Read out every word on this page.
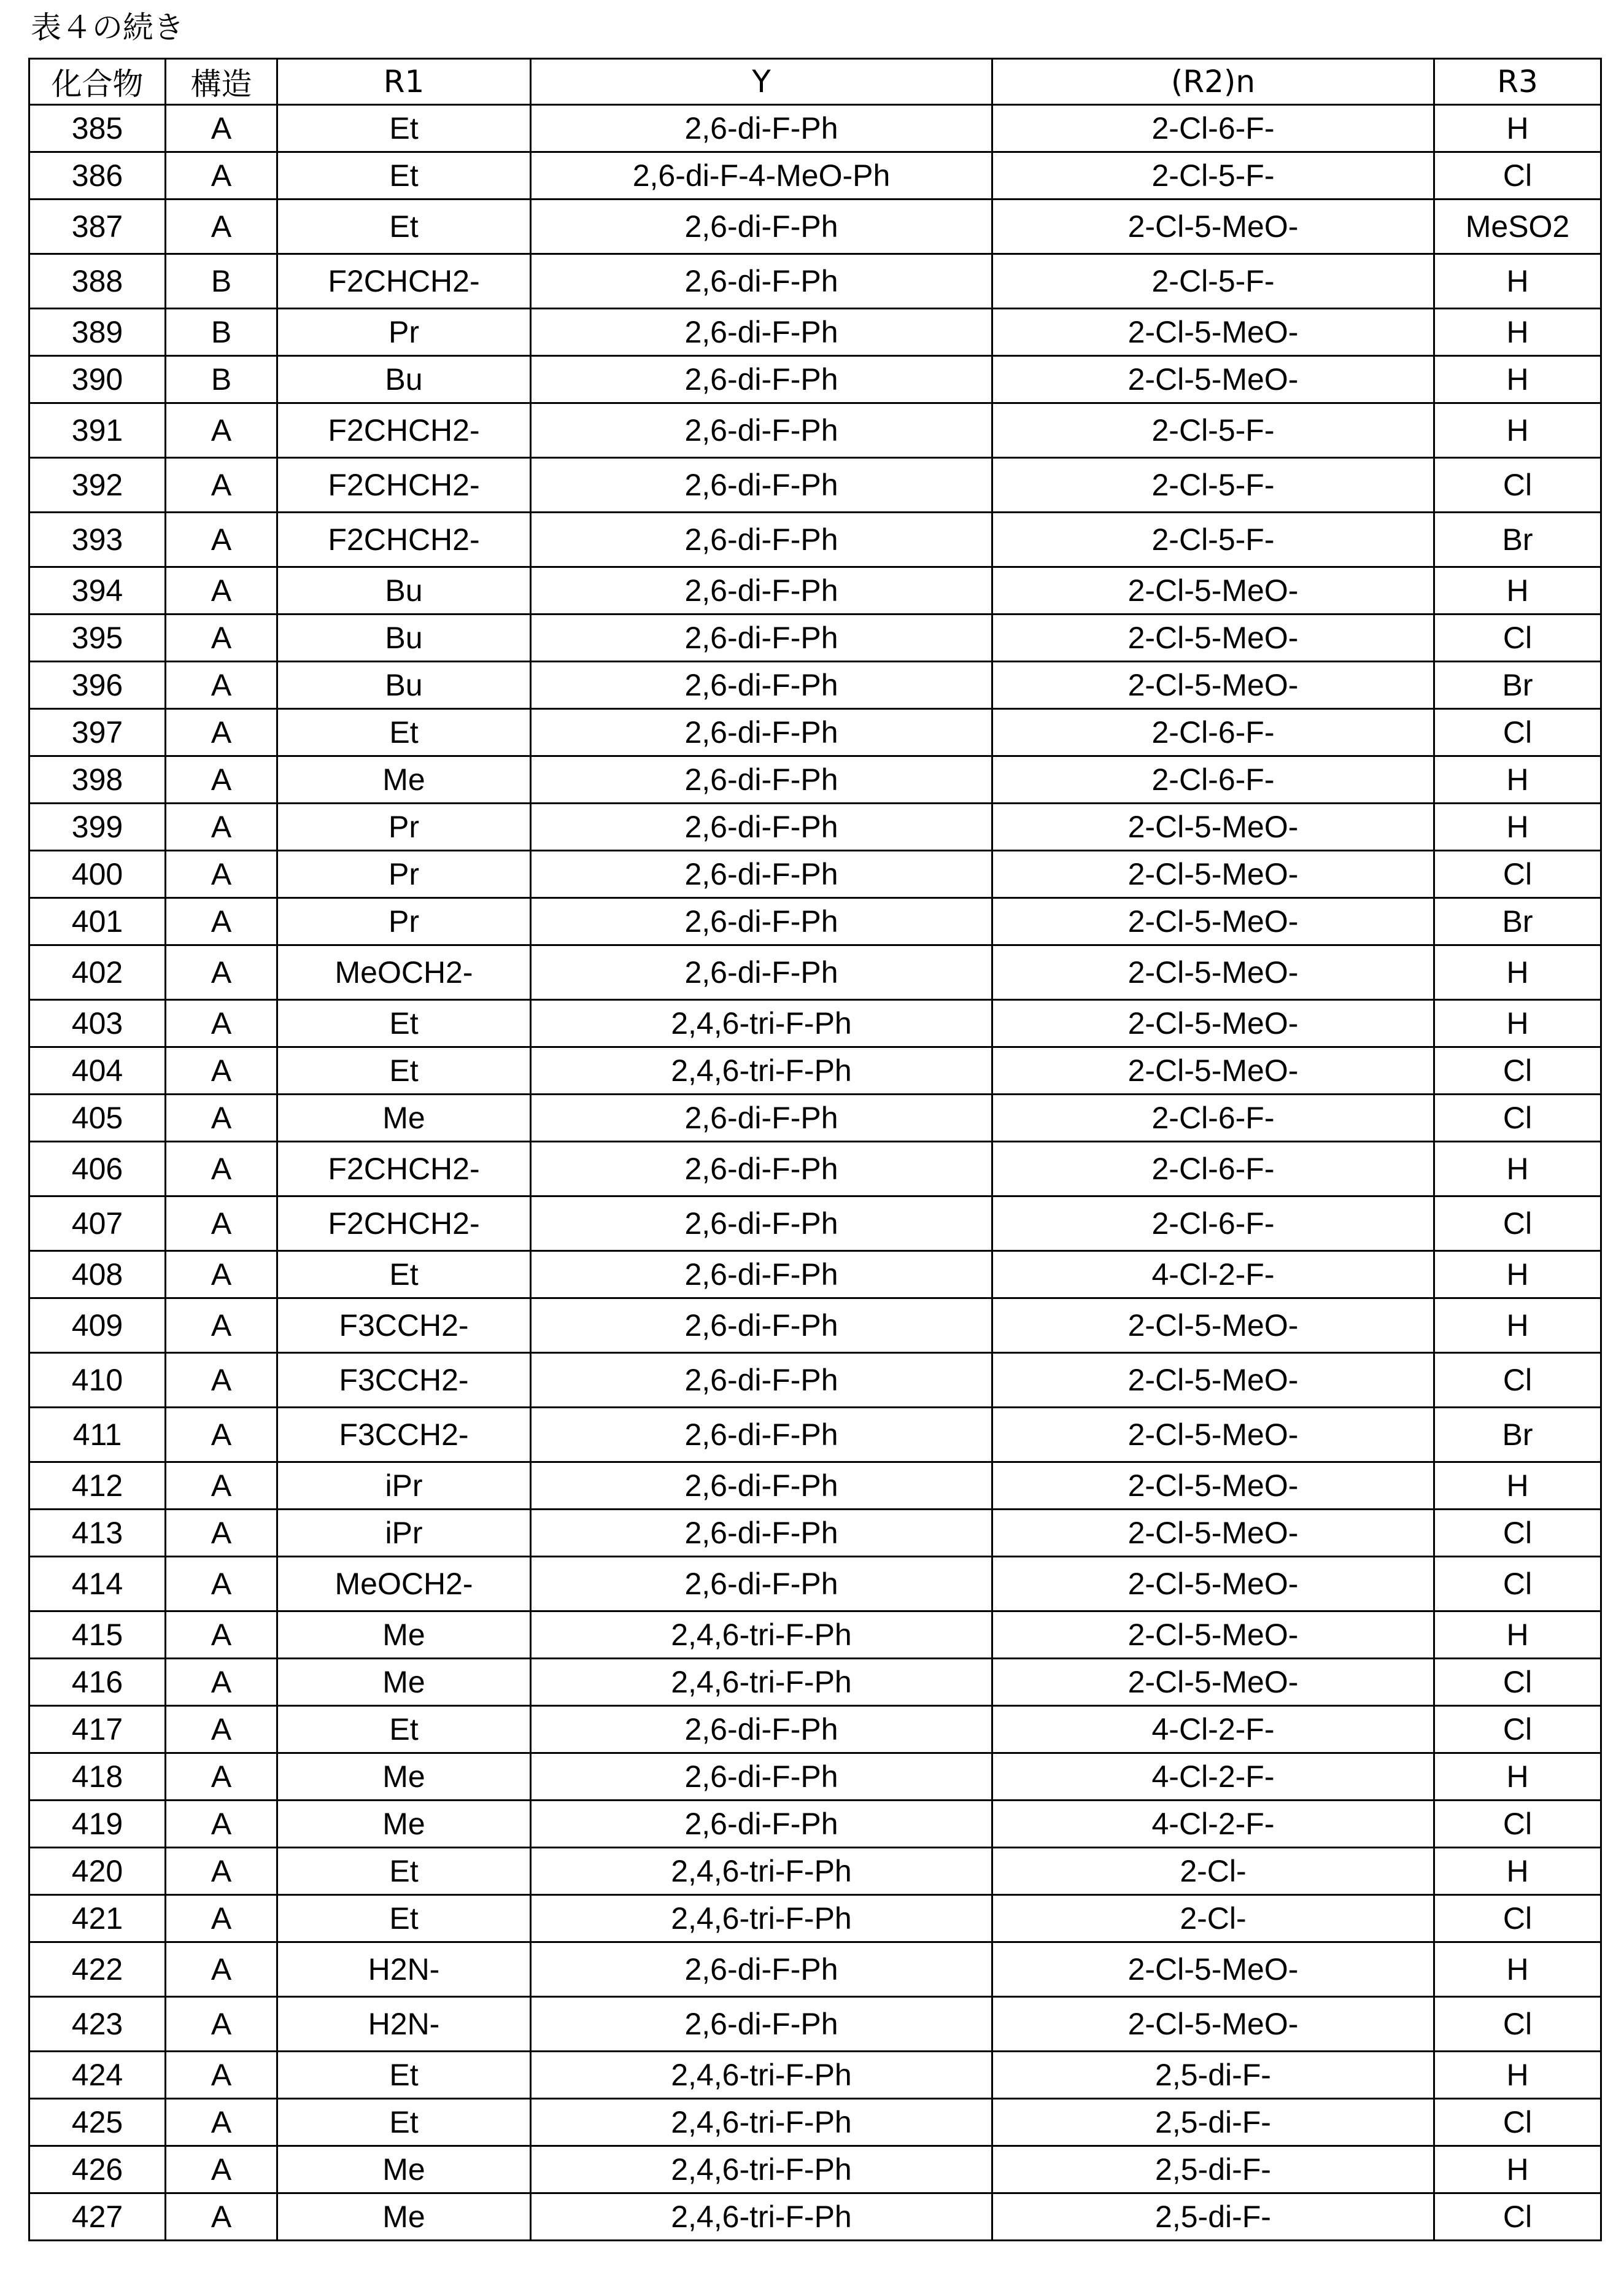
表４の続き
化合物	構造	R1	Y	(R2)n	R3
385	A	Et	2,6-di-F-Ph	2-Cl-6-F-	H
386	A	Et	2,6-di-F-4-MeO-Ph	2-Cl-5-F-	Cl
387	A	Et	2,6-di-F-Ph	2-Cl-5-MeO-	MeSO2
388	B	F2CHCH2-	2,6-di-F-Ph	2-Cl-5-F-	H
389	B	Pr	2,6-di-F-Ph	2-Cl-5-MeO-	H
390	B	Bu	2,6-di-F-Ph	2-Cl-5-MeO-	H
391	A	F2CHCH2-	2,6-di-F-Ph	2-Cl-5-F-	H
392	A	F2CHCH2-	2,6-di-F-Ph	2-Cl-5-F-	Cl
393	A	F2CHCH2-	2,6-di-F-Ph	2-Cl-5-F-	Br
394	A	Bu	2,6-di-F-Ph	2-Cl-5-MeO-	H
395	A	Bu	2,6-di-F-Ph	2-Cl-5-MeO-	Cl
396	A	Bu	2,6-di-F-Ph	2-Cl-5-MeO-	Br
397	A	Et	2,6-di-F-Ph	2-Cl-6-F-	Cl
398	A	Me	2,6-di-F-Ph	2-Cl-6-F-	H
399	A	Pr	2,6-di-F-Ph	2-Cl-5-MeO-	H
400	A	Pr	2,6-di-F-Ph	2-Cl-5-MeO-	Cl
401	A	Pr	2,6-di-F-Ph	2-Cl-5-MeO-	Br
402	A	MeOCH2-	2,6-di-F-Ph	2-Cl-5-MeO-	H
403	A	Et	2,4,6-tri-F-Ph	2-Cl-5-MeO-	H
404	A	Et	2,4,6-tri-F-Ph	2-Cl-5-MeO-	Cl
405	A	Me	2,6-di-F-Ph	2-Cl-6-F-	Cl
406	A	F2CHCH2-	2,6-di-F-Ph	2-Cl-6-F-	H
407	A	F2CHCH2-	2,6-di-F-Ph	2-Cl-6-F-	Cl
408	A	Et	2,6-di-F-Ph	4-Cl-2-F-	H
409	A	F3CCH2-	2,6-di-F-Ph	2-Cl-5-MeO-	H
410	A	F3CCH2-	2,6-di-F-Ph	2-Cl-5-MeO-	Cl
411	A	F3CCH2-	2,6-di-F-Ph	2-Cl-5-MeO-	Br
412	A	iPr	2,6-di-F-Ph	2-Cl-5-MeO-	H
413	A	iPr	2,6-di-F-Ph	2-Cl-5-MeO-	Cl
414	A	MeOCH2-	2,6-di-F-Ph	2-Cl-5-MeO-	Cl
415	A	Me	2,4,6-tri-F-Ph	2-Cl-5-MeO-	H
416	A	Me	2,4,6-tri-F-Ph	2-Cl-5-MeO-	Cl
417	A	Et	2,6-di-F-Ph	4-Cl-2-F-	Cl
418	A	Me	2,6-di-F-Ph	4-Cl-2-F-	H
419	A	Me	2,6-di-F-Ph	4-Cl-2-F-	Cl
420	A	Et	2,4,6-tri-F-Ph	2-Cl-	H
421	A	Et	2,4,6-tri-F-Ph	2-Cl-	Cl
422	A	H2N-	2,6-di-F-Ph	2-Cl-5-MeO-	H
423	A	H2N-	2,6-di-F-Ph	2-Cl-5-MeO-	Cl
424	A	Et	2,4,6-tri-F-Ph	2,5-di-F-	H
425	A	Et	2,4,6-tri-F-Ph	2,5-di-F-	Cl
426	A	Me	2,4,6-tri-F-Ph	2,5-di-F-	H
427	A	Me	2,4,6-tri-F-Ph	2,5-di-F-	Cl
